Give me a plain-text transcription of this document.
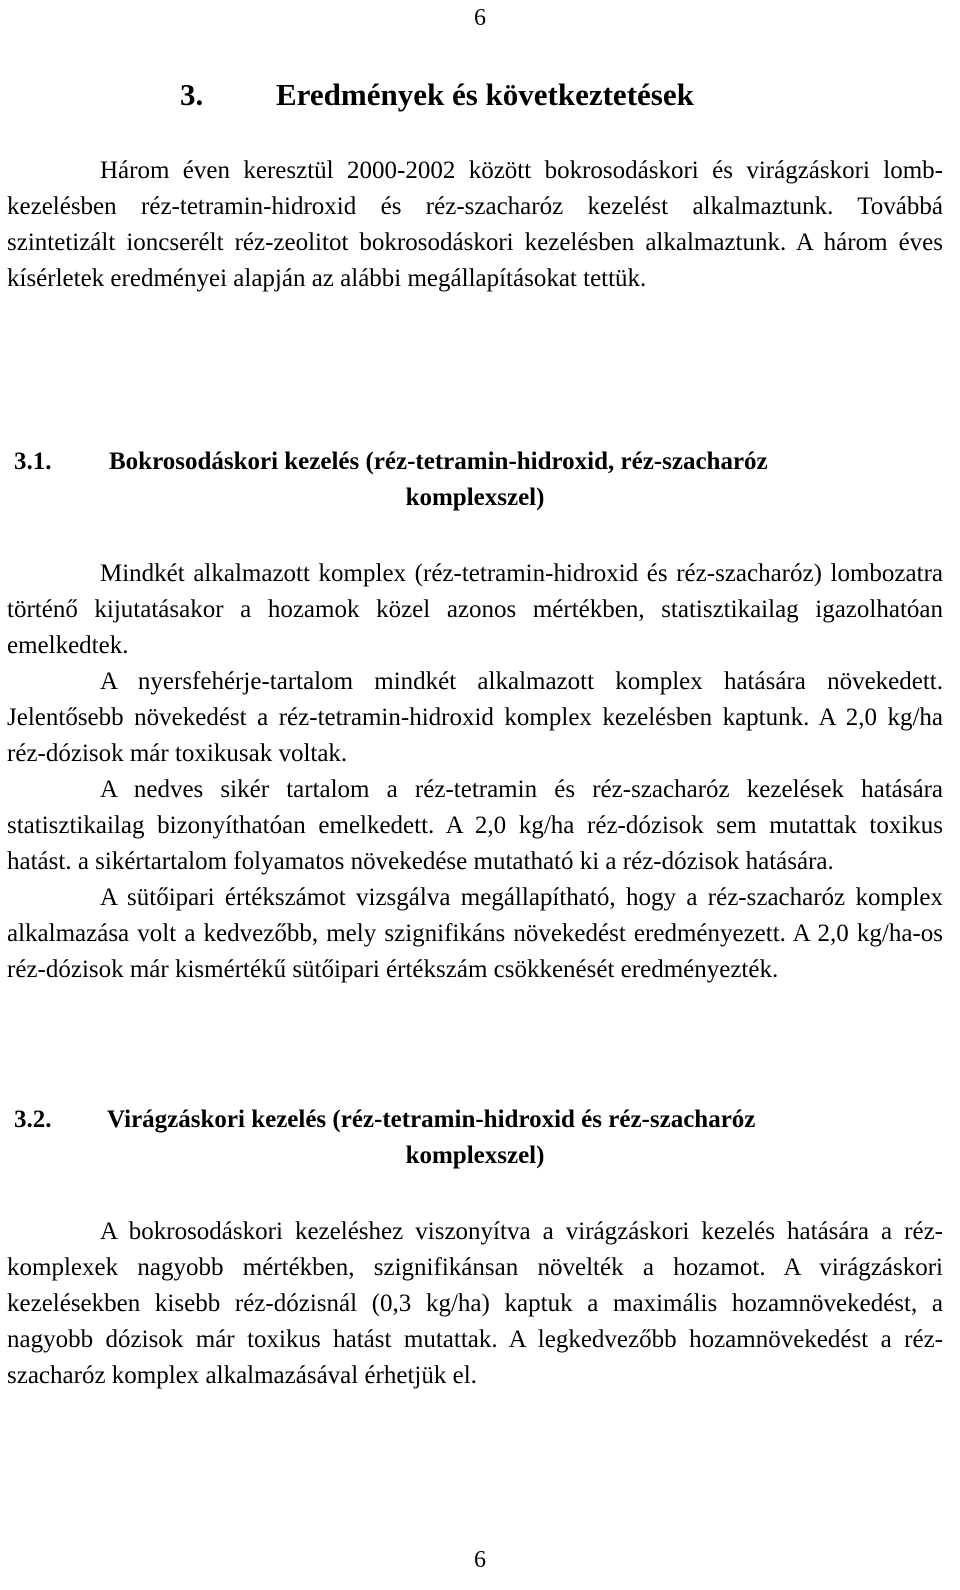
6
3. Eredmények és következtetések

Három éven keresztül 2000-2002 között bokrosodáskori és virágzáskori lomb- kezelésben réz-tetramin-hidroxid és réz-szacharóz kezelést alkalmaztunk. Továbbá szintetizált ioncserélt réz-zeolitot bokrosodáskori kezelésben alkalmaztunk. A három éves kísérletek eredményei alapján az alábbi megállapításokat tettük.

3.1. Bokrosodáskori kezelés (réz-tetramin-hidroxid, réz-szacharóz
komplexszel)

Mindkét alkalmazott komplex (réz-tetramin-hidroxid és réz-szacharóz) lombozatra történő kijutatásakor a hozamok közel azonos mértékben, statisztikailag igazolhatóan emelkedtek.

A nyersfehérje-tartalom mindkét alkalmazott komplex hatására növekedett. Jelentősebb növekedést a réz-tetramin-hidroxid komplex kezelésben kaptunk. A 2,0 kg/ha réz-dózisok már toxikusak voltak.

A nedves sikér tartalom a réz-tetramin és réz-szacharóz kezelések hatására statisztikailag bizonyíthatóan emelkedett. A 2,0 kg/ha réz-dózisok sem mutattak toxikus hatást. a sikértartalom folyamatos növekedése mutatható ki a réz-dózisok hatására.

A sütőipari értékszámot vizsgálva megállapítható, hogy a réz-szacharóz komplex alkalmazása volt a kedvezőbb, mely szignifikáns növekedést eredményezett. A 2,0 kg/ha-os réz-dózisok már kismértékű sütőipari értékszám csökkenését eredményezték.

3.2. Virágzáskori kezelés (réz-tetramin-hidroxid és réz-szacharóz
komplexszel)

A bokrosodáskori kezeléshez viszonyítva a virágzáskori kezelés hatására a réz-komplexek nagyobb mértékben, szignifikánsan növelték a hozamot. A virágzáskori kezelésekben kisebb réz-dózisnál (0,3 kg/ha) kaptuk a maximális hozamnövekedést, a nagyobb dózisok már toxikus hatást mutattak. A legkedvezőbb hozamnövekedést a réz-szacharóz komplex alkalmazásával érhetjük el.

6
